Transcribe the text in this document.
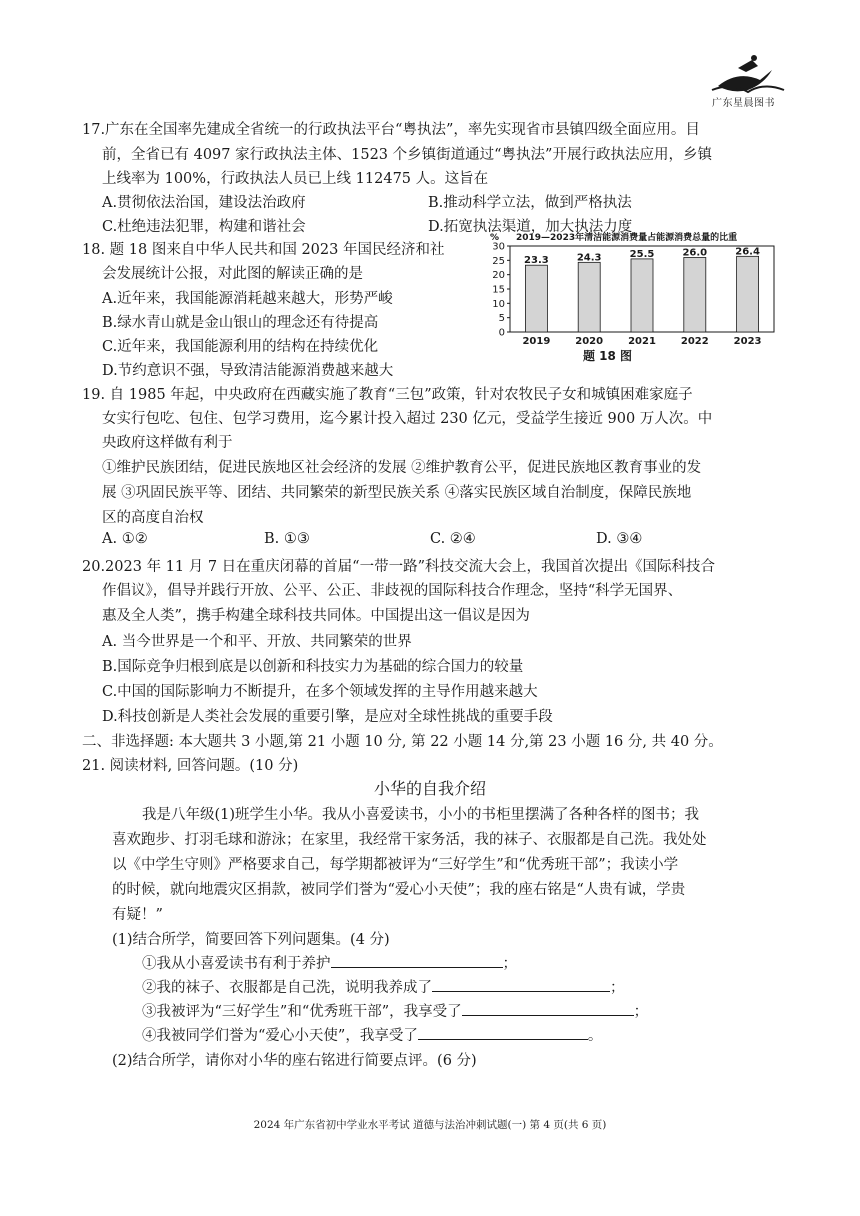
广东星晨图书
17.广东在全国率先建成全省统一的行政执法平台“粤执法”，率先实现省市县镇四级全面应用。目
前，全省已有 4097 家行政执法主体、1523 个乡镇街道通过“粤执法”开展行政执法应用，乡镇
上线率为 100%，行政执法人员已上线 112475 人。这旨在
A.贯彻依法治国，建设法治政府	B.推动科学立法，做到严格执法
C.杜绝违法犯罪，构建和谐社会	D.拓宽执法渠道，加大执法力度
18. 题 18 图来自中华人民共和国 2023 年国民经济和社
会发展统计公报，对此图的解读正确的是
A.近年来，我国能源消耗越来越大，形势严峻
B.绿水青山就是金山银山的理念还有待提高
C.近年来，我国能源利用的结构在持续优化
D.节约意识不强，导致清洁能源消费越来越大
2019—2023年清洁能源消费量占能源消费总量的比重
%
0
5
10
15
20
25
30
23.3
2019
24.3
2020
25.5
2021
26.0
2022
26.4
2023
题 18 图
19. 自 1985 年起，中央政府在西藏实施了教育“三包”政策，针对农牧民子女和城镇困难家庭子
女实行包吃、包住、包学习费用，迄今累计投入超过 230 亿元，受益学生接近 900 万人次。中
央政府这样做有利于
①维护民族团结，促进民族地区社会经济的发展 ②维护教育公平，促进民族地区教育事业的发
展 ③巩固民族平等、团结、共同繁荣的新型民族关系 ④落实民族区域自治制度，保障民族地
区的高度自治权
A. ①②	B. ①③	C. ②④	D. ③④
20.2023 年 11 月 7 日在重庆闭幕的首届“一带一路”科技交流大会上，我国首次提出《国际科技合
作倡议》，倡导并践行开放、公平、公正、非歧视的国际科技合作理念，坚持“科学无国界、
惠及全人类”，携手构建全球科技共同体。中国提出这一倡议是因为
A. 当今世界是一个和平、开放、共同繁荣的世界
B.国际竞争归根到底是以创新和科技实力为基础的综合国力的较量
C.中国的国际影响力不断提升，在多个领域发挥的主导作用越来越大
D.科技创新是人类社会发展的重要引擎，是应对全球性挑战的重要手段
二、非选择题: 本大题共 3 小题,第 21 小题 10 分, 第 22 小题 14 分,第 23 小题 16 分, 共 40 分。
21. 阅读材料, 回答问题。(10 分)
小华的自我介绍
我是八年级(1)班学生小华。我从小喜爱读书，小小的书柜里摆满了各种各样的图书；我
喜欢跑步、打羽毛球和游泳；在家里，我经常干家务活，我的袜子、衣服都是自己洗。我处处
以《中学生守则》严格要求自己，每学期都被评为“三好学生”和“优秀班干部”；我读小学
的时候，就向地震灾区捐款，被同学们誉为“爱心小天使”；我的座右铭是“人贵有诚，学贵
有疑！”
(1)结合所学，简要回答下列问题集。(4 分)
①我从小喜爱读书有利于养护	；
②我的袜子、衣服都是自己洗，说明我养成了	；
③我被评为“三好学生”和“优秀班干部”，我享受了	；
④我被同学们誉为“爱心小天使”，我享受了	。
(2)结合所学，请你对小华的座右铭进行简要点评。(6 分)
2024 年广东省初中学业水平考试 道德与法治冲刺试题(一) 第 4 页(共 6 页)
